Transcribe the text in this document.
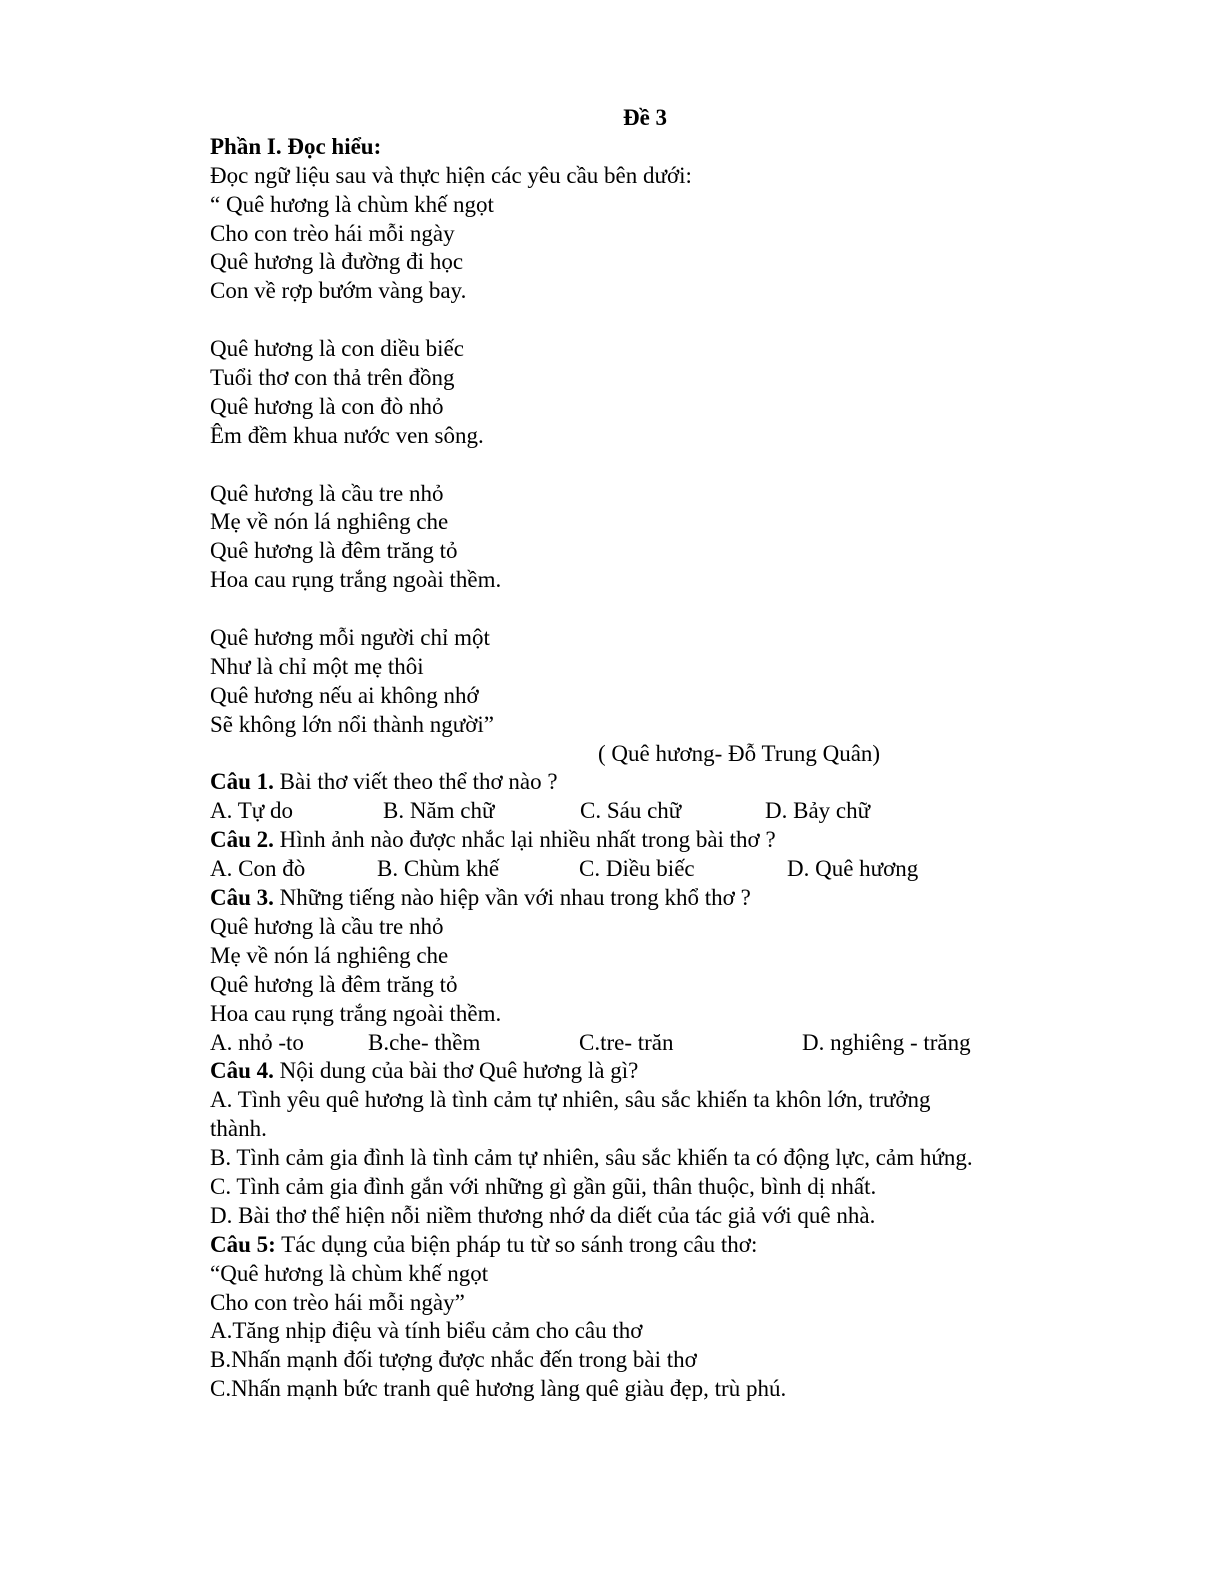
Đề 3
Phần I. Đọc hiểu:
Đọc ngữ liệu sau và thực hiện các yêu cầu bên dưới:
“ Quê hương là chùm khế ngọt
Cho con trèo hái mỗi ngày
Quê hương là đường đi học
Con về rợp bướm vàng bay.
Quê hương là con diều biếc
Tuổi thơ con thả trên đồng
Quê hương là con đò nhỏ
Êm đềm khua nước ven sông.
Quê hương là cầu tre nhỏ
Mẹ về nón lá nghiêng che
Quê hương là đêm trăng tỏ
Hoa cau rụng trắng ngoài thềm.
Quê hương mỗi người chỉ một
Như là chỉ một mẹ thôi
Quê hương nếu ai không nhớ
Sẽ không lớn nổi thành người”
( Quê hương- Đỗ Trung Quân)
Câu 1. Bài thơ viết theo thể thơ nào ?
A. Tự do	B. Năm chữ	C. Sáu chữ	D. Bảy chữ
Câu 2. Hình ảnh nào được nhắc lại nhiều nhất trong bài thơ ?
A. Con đò	B. Chùm khế	C. Diều biếc	D. Quê hương
Câu 3. Những tiếng nào hiệp vần với nhau trong khổ thơ ?
Quê hương là cầu tre nhỏ
Mẹ về nón lá nghiêng che
Quê hương là đêm trăng tỏ
Hoa cau rụng trắng ngoài thềm.
A. nhỏ -to	B.che- thềm	C.tre- trăn	D. nghiêng - trăng
Câu 4. Nội dung của bài thơ Quê hương là gì?
A. Tình yêu quê hương là tình cảm tự nhiên, sâu sắc khiến ta khôn lớn, trưởng
thành.
B. Tình cảm gia đình là tình cảm tự nhiên, sâu sắc khiến ta có động lực, cảm hứng.
C. Tình cảm gia đình gắn với những gì gần gũi, thân thuộc, bình dị nhất.
D. Bài thơ thể hiện nỗi niềm thương nhớ da diết của tác giả với quê nhà.
Câu 5: Tác dụng của biện pháp tu từ so sánh trong câu thơ:
“Quê hương là chùm khế ngọt
Cho con trèo hái mỗi ngày”
A.Tăng nhịp điệu và tính biểu cảm cho câu thơ
B.Nhấn mạnh đối tượng được nhắc đến trong bài thơ
C.Nhấn mạnh bức tranh quê hương làng quê giàu đẹp, trù phú.
